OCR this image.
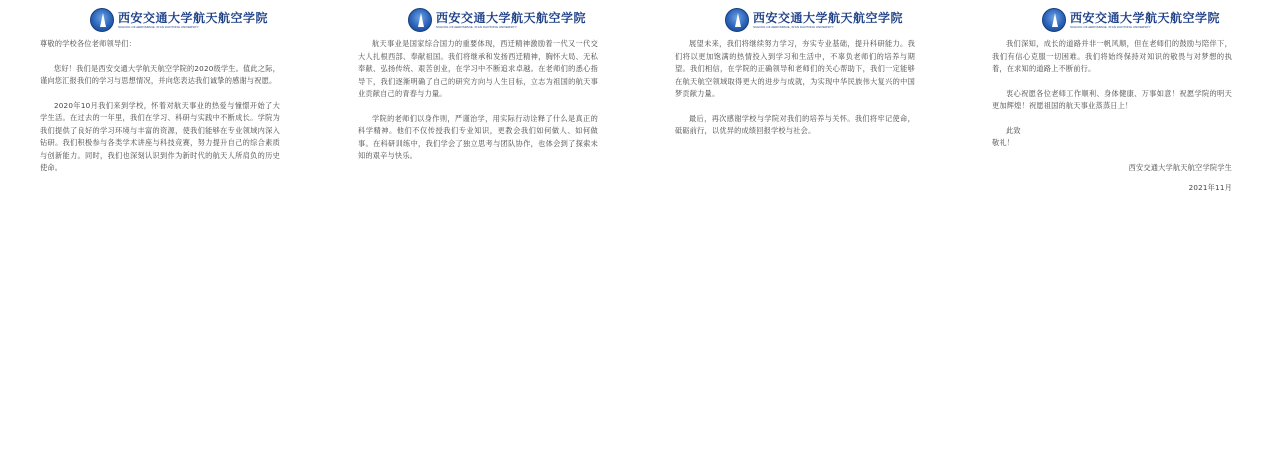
西安交通大学航天航空学院
SCHOOL OF AEROSPACE, XI'AN JIAOTONG UNIVERSITY

尊敬的学校各位老师领导们：

您好！我们是西安交通大学航天航空学院的2020级学生。值此之际，谨向您汇报我们的学习与思想情况，并向您表达我们诚挚的感谢与祝愿。

2020年10月我们来到学校，怀着对航天事业的热爱与憧憬开始了大学生活。在过去的一年里，我们在学习、科研与实践中不断成长。学院为我们提供了良好的学习环境与丰富的资源，使我们能够在专业领域内深入钻研。我们积极参与各类学术讲座与科技竞赛，努力提升自己的综合素质与创新能力。同时，我们也深刻认识到作为新时代的航天人所肩负的历史使命。

西安交通大学航天航空学院
SCHOOL OF AEROSPACE, XI'AN JIAOTONG UNIVERSITY

航天事业是国家综合国力的重要体现，西迁精神激励着一代又一代交大人扎根西部、奉献祖国。我们将继承和发扬西迁精神，胸怀大局、无私奉献、弘扬传统、艰苦创业，在学习中不断追求卓越。在老师们的悉心指导下，我们逐渐明确了自己的研究方向与人生目标，立志为祖国的航天事业贡献自己的青春与力量。

学院的老师们以身作则，严谨治学，用实际行动诠释了什么是真正的科学精神。他们不仅传授我们专业知识，更教会我们如何做人、如何做事。在科研训练中，我们学会了独立思考与团队协作，也体会到了探索未知的艰辛与快乐。

西安交通大学航天航空学院
SCHOOL OF AEROSPACE, XI'AN JIAOTONG UNIVERSITY

展望未来，我们将继续努力学习，夯实专业基础，提升科研能力。我们将以更加饱满的热情投入到学习和生活中，不辜负老师们的培养与期望。我们相信，在学院的正确领导和老师们的关心帮助下，我们一定能够在航天航空领域取得更大的进步与成就，为实现中华民族伟大复兴的中国梦贡献力量。

最后，再次感谢学校与学院对我们的培养与关怀。我们将牢记使命，砥砺前行，以优异的成绩回报学校与社会。

西安交通大学航天航空学院
SCHOOL OF AEROSPACE, XI'AN JIAOTONG UNIVERSITY

我们深知，成长的道路并非一帆风顺，但在老师们的鼓励与陪伴下，我们有信心克服一切困难。我们将始终保持对知识的敬畏与对梦想的执着，在求知的道路上不断前行。

衷心祝愿各位老师工作顺利、身体健康、万事如意！祝愿学院的明天更加辉煌！祝愿祖国的航天事业蒸蒸日上！

此致

敬礼！

西安交通大学航天航空学院学生

2021年11月
